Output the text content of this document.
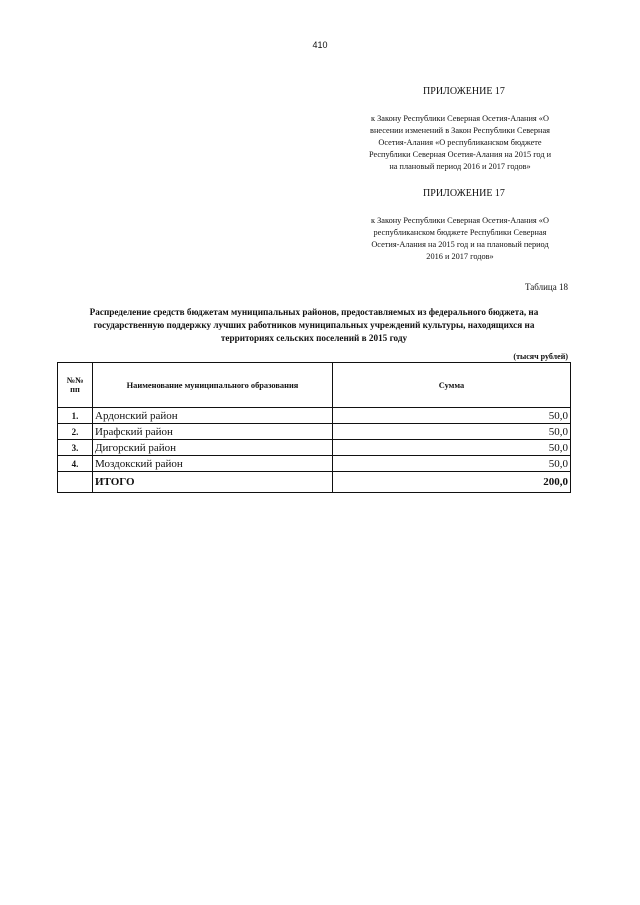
410
ПРИЛОЖЕНИЕ 17
к Закону Республики Северная Осетия-Алания «О
внесении изменений в Закон Республики Северная
Осетия-Алания «О республиканском бюджете
Республики Северная Осетия-Алания на 2015 год и
на плановый период 2016 и 2017 годов»
ПРИЛОЖЕНИЕ 17
к Закону Республики Северная Осетия-Алания «О
республиканском бюджете Республики Северная
Осетия-Алания на 2015 год и на плановый период
2016 и 2017 годов»
Таблица 18
Распределение средств бюджетам муниципальных районов, предоставляемых из федерального бюджета, на
государственную поддержку лучших работников муниципальных учреждений культуры, находящихся на
территориях сельских поселений в 2015 году
(тысяч рублей)
№№
пп	Наименование муниципального образования	Сумма
1.	Ардонский район	50,0
2.	Ирафский район	50,0
3.	Дигорский район	50,0
4.	Моздокский район	50,0
	ИТОГО	200,0
